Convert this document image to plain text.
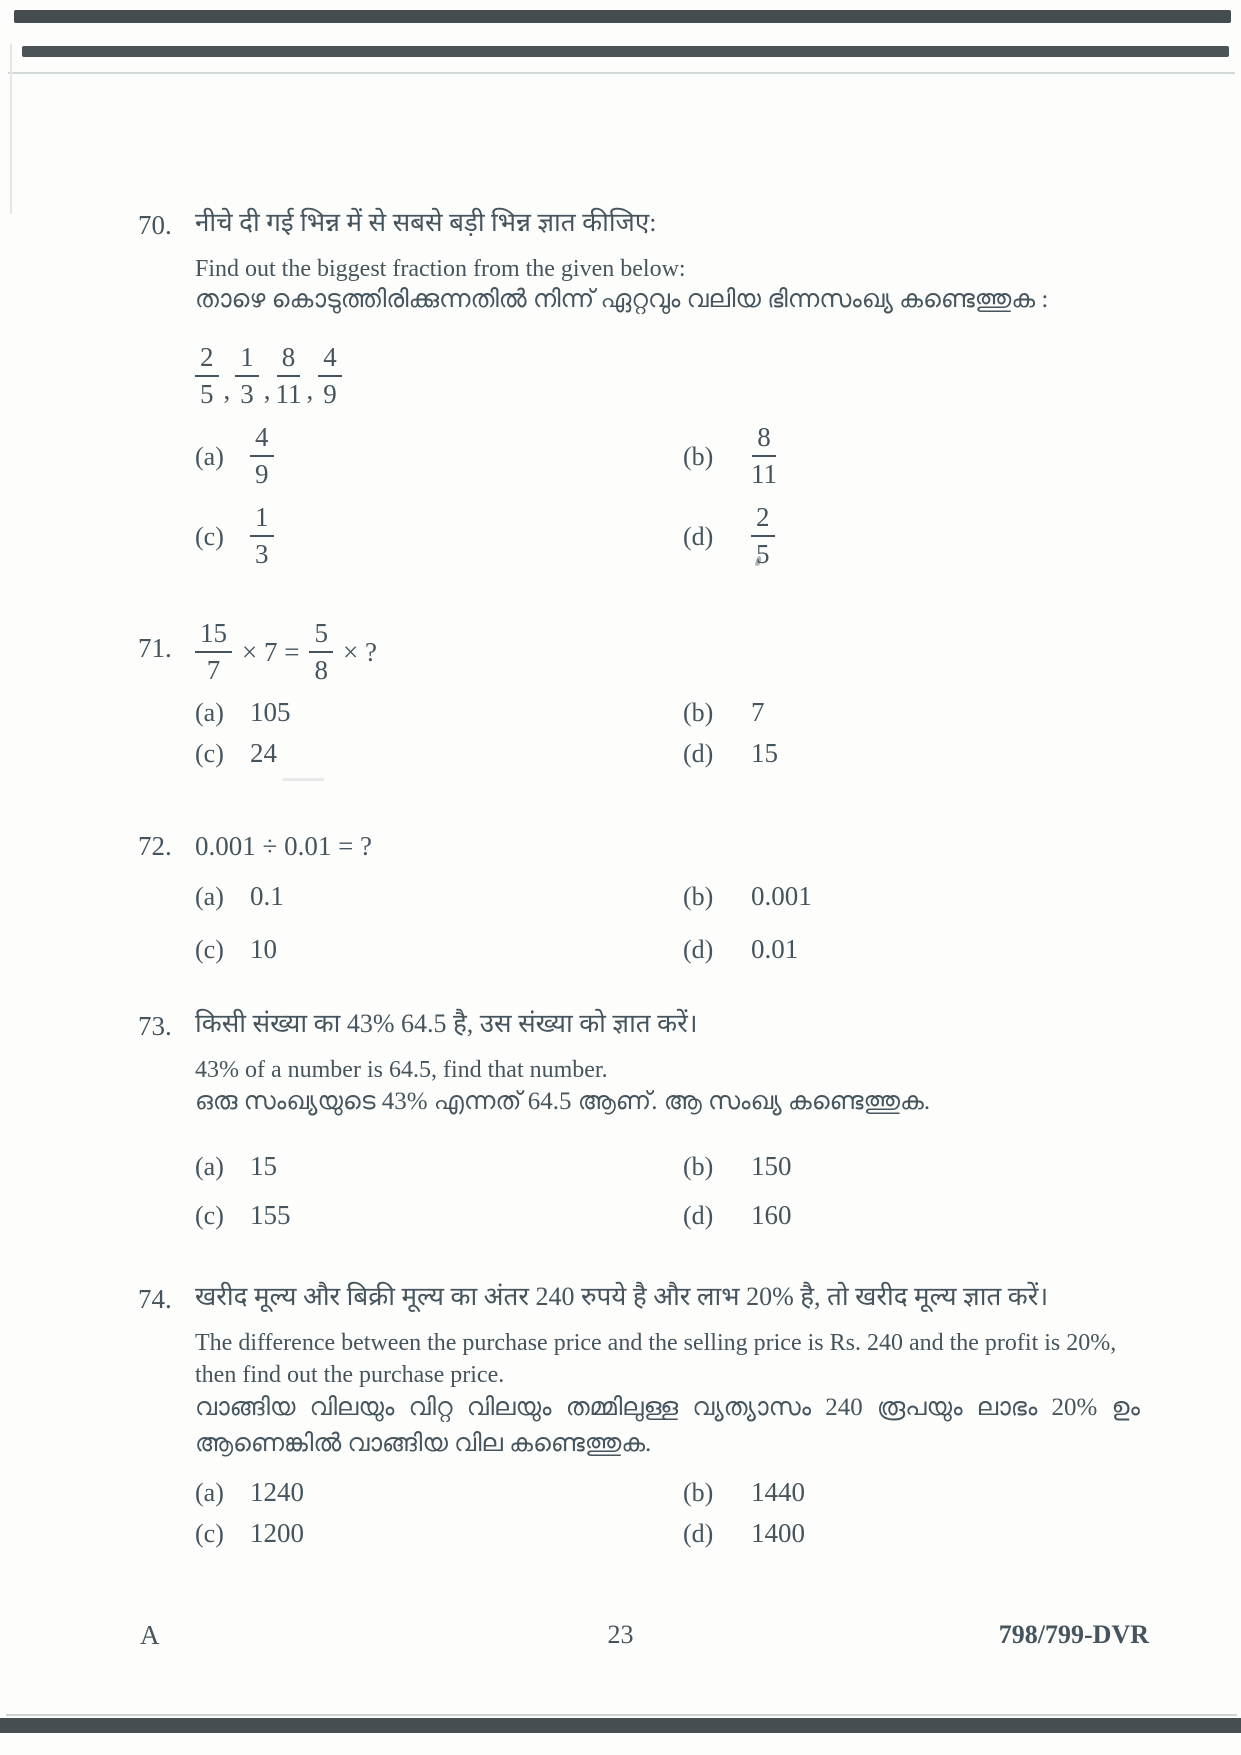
70. नीचे दी गई भिन्न में से सबसे बड़ी भिन्न ज्ञात कीजिए:
Find out the biggest fraction from the given below:
താഴെ കൊടുത്തിരിക്കുന്നതിൽ നിന്ന് ഏറ്റവും വലിയ ഭിന്നസംഖ്യ കണ്ടെത്തുക :
$\frac{2}{5}$ , $\frac{1}{3}$ , $\frac{8}{11}$ , $\frac{4}{9}$
$(a) \frac{4}{9}$	(b)	$\frac{8}{11}$
$(c) \frac{1}{3}$	(d)	$\frac{2}{5}$
71. $\frac{15}{7} \times 7 = \frac{5}{8}$ × ?
(a) 105	(b)	7
(c) 24	(d)	15
72. 0.001 ÷ 0.01 = ?
(a) 0.1	(b)	0.001
(c) 10	(d)	0.01
73. किसी संख्या का 43% 64.5 है, उस संख्या को ज्ञात करें।
43% of a number is 64.5, find that number.
ഒരു സംഖ്യയുടെ 43% എന്നത് 64.5 ആണ്. ആ സംഖ്യ കണ്ടെത്തുക.
(a) 15	(b)	150
(c) 155	(d)	160
74. खरीद मूल्य और बिक्री मूल्य का अंतर 240 रुपये है और लाभ 20% है, तो खरीद मूल्य ज्ञात करें।
The difference between the purchase price and the selling price is Rs. 240 and the profit is 20%, then find out the purchase price.
വാങ്ങിയ വിലയും വിറ്റ വിലയും തമ്മിലുള്ള വ്യത്യാസം 240 രൂപയും ലാഭം 20% ഉം ആണെങ്കിൽ വാങ്ങിയ വില കണ്ടെത്തുക.
(a) 1240	(b)	1440
(c) 1200	(d)	1400
A	23	798/799-DVR
